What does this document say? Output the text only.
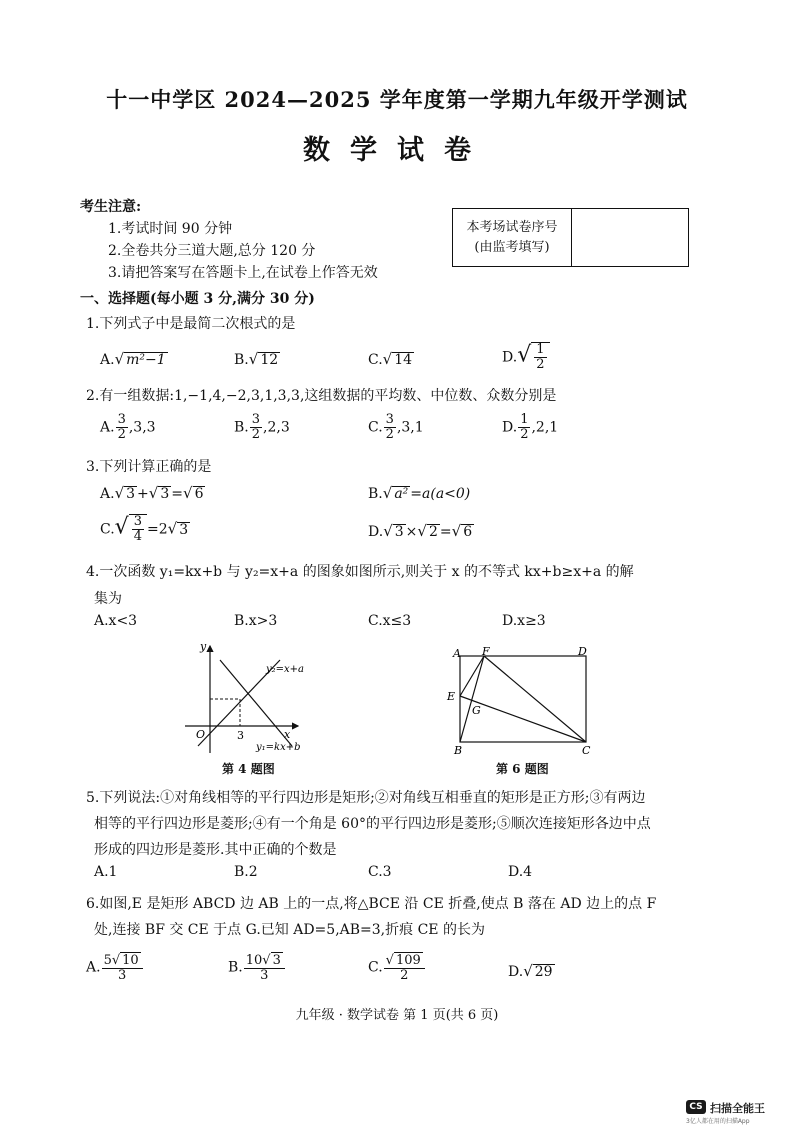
十一中学区 2024—2025 学年度第一学期九年级开学测试
数学试卷
考生注意:
1.考试时间 90 分钟
2.全卷共分三道大题,总分 120 分
3.请把答案写在答题卡上,在试卷上作答无效
本考场试卷序号
(由监考填写)

一、选择题(每小题 3 分,满分 30 分)
1.下列式子中是最简二次根式的是
A.√ m²−1	B.√ 12	C.√ 14	$D.√ \frac{1}{2}$
2.有一组数据:1,−1,4,−2,3,1,3,3,这组数据的平均数、中位数、众数分别是
A. $\frac{3}{2} ,3,3$	B. $\frac{3}{2} ,2,3$	C. $\frac{3}{2} ,3,1$	D. $\frac{1}{2} ,2,1$
3.下列计算正确的是
A.√ 3 +√ 3 =√ 6	B.√ a² =a(a<0)
$C.√ \frac{3}{4} =2√$ 3	D.√ 3 ×√ 2 =√ 6
4.一次函数 y₁=kx+b 与 y₂=x+a 的图象如图所示,则关于 x 的不等式 kx+b≥x+a 的解
集为
A.x<3	B.x>3	C.x≤3	D.x≥3
y
x
O	3
y₂=x+a
y₁=kx+b
第 4 题图
A F	D
E
G
B	C
第 6 题图
5.下列说法:①对角线相等的平行四边形是矩形;②对角线互相垂直的矩形是正方形;③有两边
相等的平行四边形是菱形;④有一个角是 60°的平行四边形是菱形;⑤顺次连接矩形各边中点
形成的四边形是菱形.其中正确的个数是
A.1	B.2	C.3	D.4
6.如图,E 是矩形 ABCD 边 AB 上的一点,将△BCE 沿 CE 折叠,使点 B 落在 AD 边上的点 F
处,连接 BF 交 CE 于点 G.已知 AD=5,AB=3,折痕 CE 的长为
A. $\frac{5√ 10}{3}$	B. $\frac{10√ 3}{3}$	C. $\frac{√ 109}{2}$	D.√ 29
九年级 · 数学试卷 第 1 页(共 6 页)
CS 扫描全能王
3亿人都在用的扫描App
